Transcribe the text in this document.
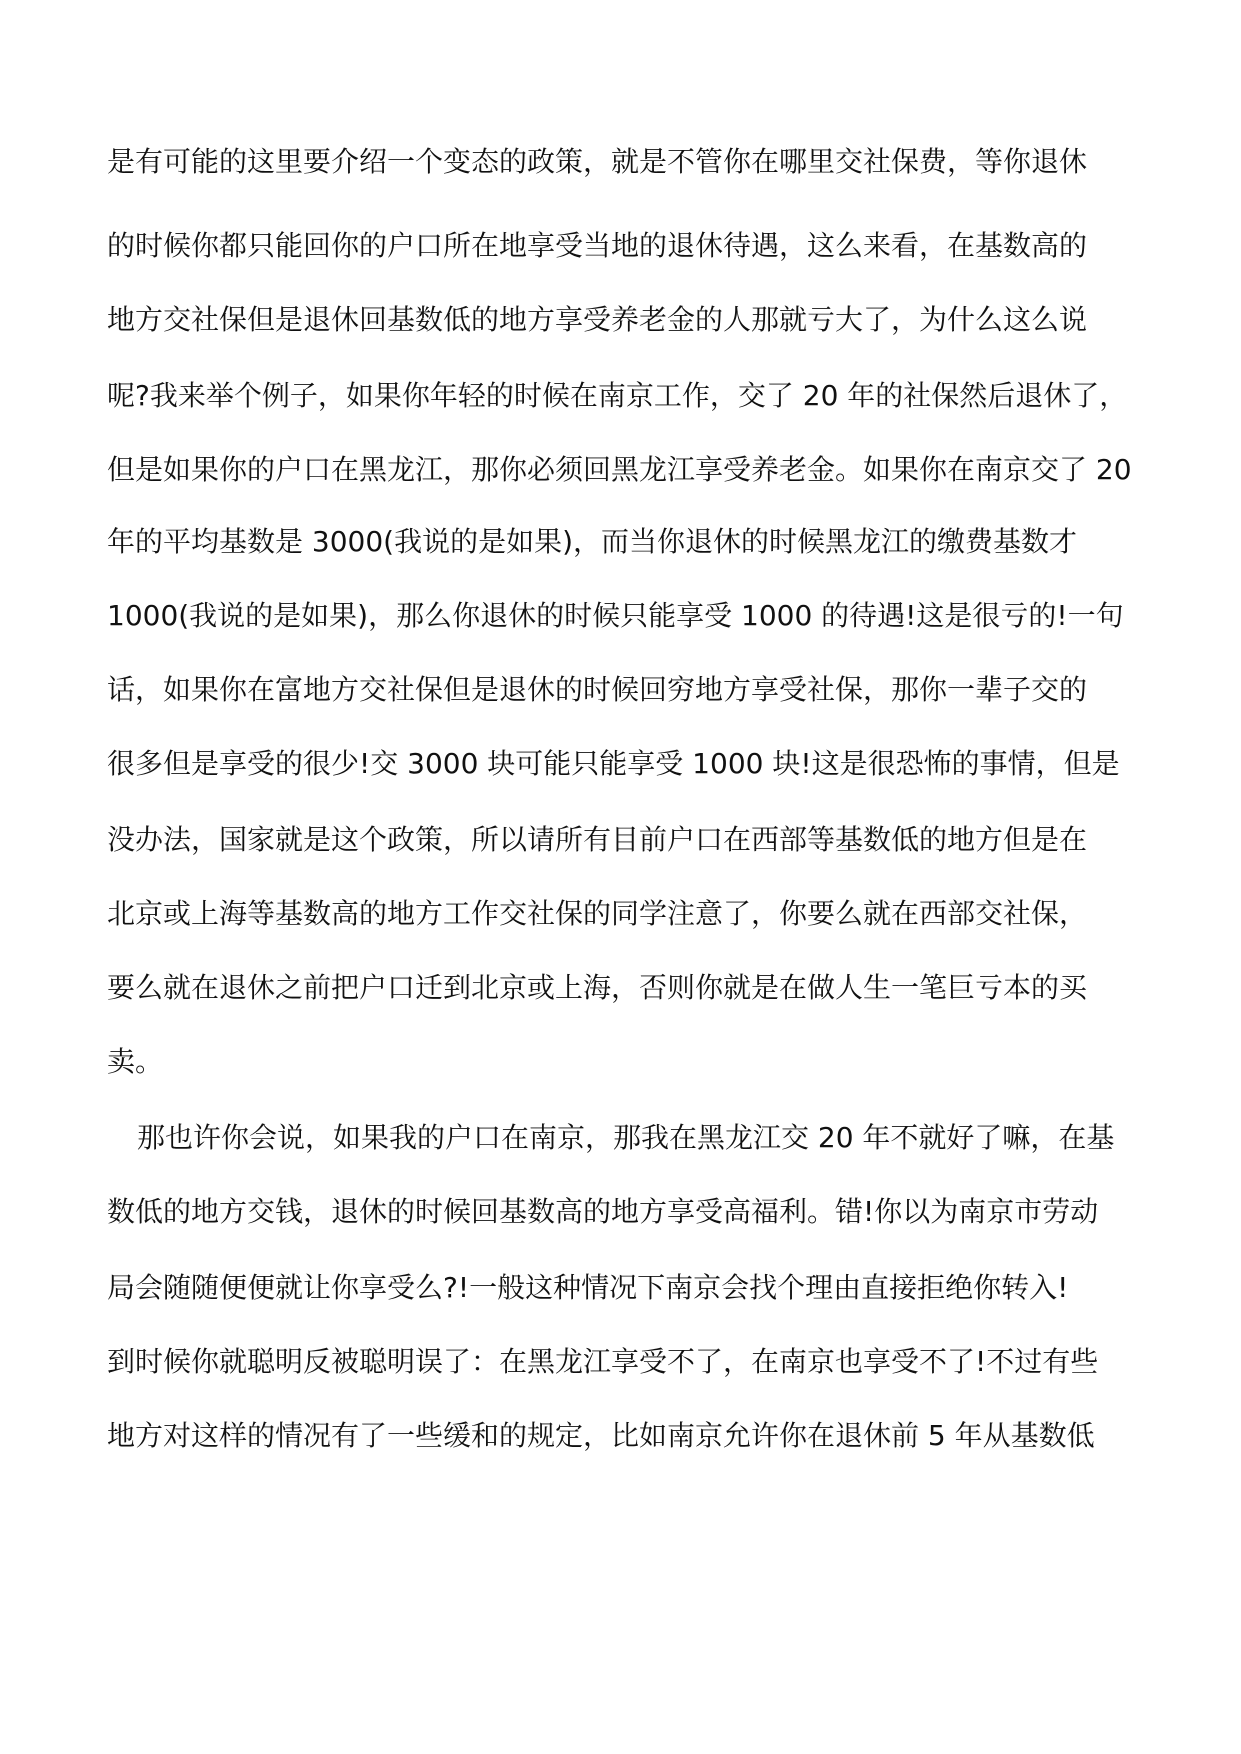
是有可能的这里要介绍一个变态的政策，就是不管你在哪里交社保费，等你退休
的时候你都只能回你的户口所在地享受当地的退休待遇，这么来看，在基数高的
地方交社保但是退休回基数低的地方享受养老金的人那就亏大了，为什么这么说
呢?我来举个例子，如果你年轻的时候在南京工作，交了 20 年的社保然后退休了，
但是如果你的户口在黑龙江，那你必须回黑龙江享受养老金。如果你在南京交了 20
年的平均基数是 3000(我说的是如果)，而当你退休的时候黑龙江的缴费基数才
1000(我说的是如果)，那么你退休的时候只能享受 1000 的待遇!这是很亏的!一句
话，如果你在富地方交社保但是退休的时候回穷地方享受社保，那你一辈子交的
很多但是享受的很少!交 3000 块可能只能享受 1000 块!这是很恐怖的事情，但是
没办法，国家就是这个政策，所以请所有目前户口在西部等基数低的地方但是在
北京或上海等基数高的地方工作交社保的同学注意了，你要么就在西部交社保，
要么就在退休之前把户口迁到北京或上海，否则你就是在做人生一笔巨亏本的买
卖。
那也许你会说，如果我的户口在南京，那我在黑龙江交 20 年不就好了嘛，在基
数低的地方交钱，退休的时候回基数高的地方享受高福利。错!你以为南京市劳动
局会随随便便就让你享受么?!一般这种情况下南京会找个理由直接拒绝你转入!
到时候你就聪明反被聪明误了：在黑龙江享受不了，在南京也享受不了!不过有些
地方对这样的情况有了一些缓和的规定，比如南京允许你在退休前 5 年从基数低
